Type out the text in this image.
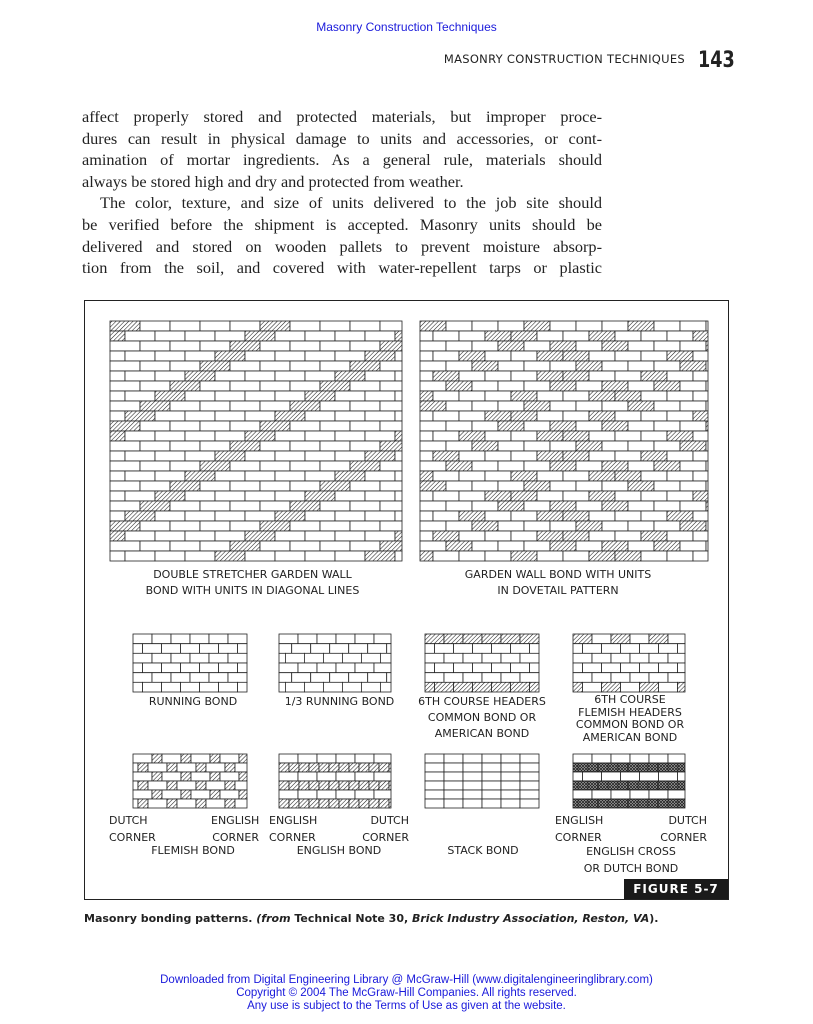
Masonry Construction Techniques
MASONRY CONSTRUCTION TECHNIQUES 143

affect properly stored and protected materials, but improper proce-
dures can result in physical damage to units and accessories, or cont-
amination of mortar ingredients. As a general rule, materials should

always be stored high and dry and protected from weather.

The color, texture, and size of units delivered to the job site should

be verified before the shipment is accepted. Masonry units should be
delivered and stored on wooden pallets to prevent moisture absorp-
tion from the soil, and covered with water-repellent tarps or plastic

DOUBLE STRETCHER GARDEN WALL
BOND WITH UNITS IN DIAGONAL LINES
GARDEN WALL BOND WITH UNITS
IN DOVETAIL PATTERN
RUNNING BOND	1/3 RUNNING BOND	6TH COURSE HEADERS
COMMON BOND OR
AMERICAN BOND
6TH COURSE
FLEMISH HEADERS
COMMON BOND OR
AMERICAN BOND
DUTCH
CORNER
ENGLISH
CORNER
FLEMISH BOND
ENGLISH
CORNER
DUTCH
CORNER
ENGLISH BOND	STACK BOND
ENGLISH
CORNER
DUTCH
CORNER
ENGLISH CROSS
OR DUTCH BOND
FIGURE 5-7
Masonry bonding patterns. (from Technical Note 30, Brick Industry Association, Reston, VA).
Downloaded from Digital Engineering Library @ McGraw-Hill (www.digitalengineeringlibrary.com)
Copyright © 2004 The McGraw-Hill Companies. All rights reserved.
Any use is subject to the Terms of Use as given at the website.
